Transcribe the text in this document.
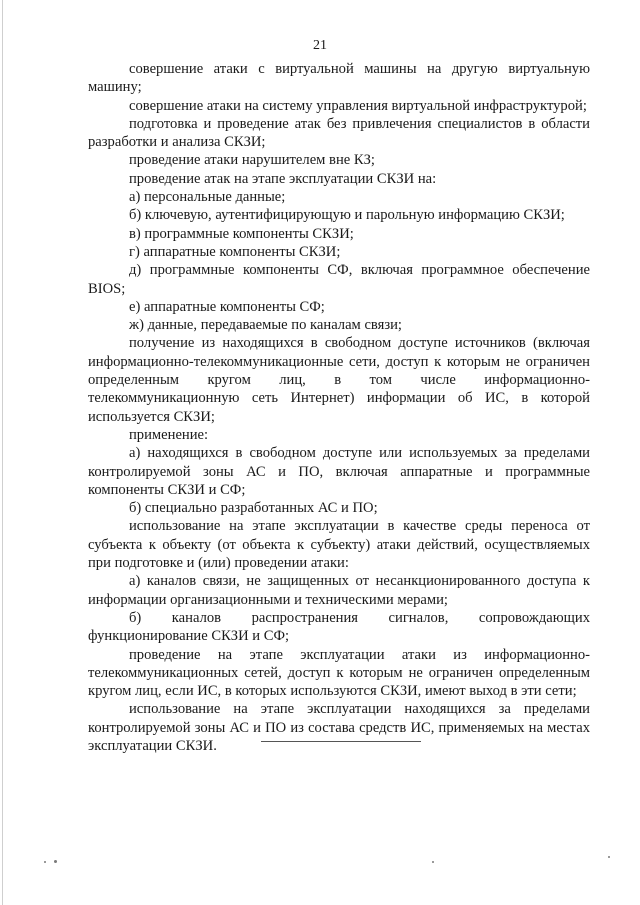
21

совершение атаки с виртуальной машины на другую виртуальную машину;

совершение атаки на систему управления виртуальной инфраструктурой;

подготовка и проведение атак без привлечения специалистов в области разработки и анализа СКЗИ;

проведение атаки нарушителем вне КЗ;

проведение атак на этапе эксплуатации СКЗИ на:

а) персональные данные;

б) ключевую, аутентифицирующую и парольную информацию СКЗИ;

в) программные компоненты СКЗИ;

г) аппаратные компоненты СКЗИ;

д) программные компоненты СФ, включая программное обеспечение BIOS;

е) аппаратные компоненты СФ;

ж) данные, передаваемые по каналам связи;

получение из находящихся в свободном доступе источников (включая информационно-телекоммуникационные сети, доступ к которым не ограничен определенным кругом лиц, в том числе информационно-телекоммуникационную сеть Интернет) информации об ИС, в которой используется СКЗИ;

применение:

а) находящихся в свободном доступе или используемых за пределами контролируемой зоны АС и ПО, включая аппаратные и программные компоненты СКЗИ и СФ;

б) специально разработанных АС и ПО;

использование на этапе эксплуатации в качестве среды переноса от субъекта к объекту (от объекта к субъекту) атаки действий, осуществляемых при подготовке и (или) проведении атаки:

а) каналов связи, не защищенных от несанкционированного доступа к информации организационными и техническими мерами;

б) каналов распространения сигналов, сопровождающих функционирование СКЗИ и СФ;

проведение на этапе эксплуатации атаки из информационно-телекоммуникационных сетей, доступ к которым не ограничен определенным кругом лиц, если ИС, в которых используются СКЗИ, имеют выход в эти сети;

использование на этапе эксплуатации находящихся за пределами контролируемой зоны АС и ПО из состава средств ИС, применяемых на местах эксплуатации СКЗИ.
